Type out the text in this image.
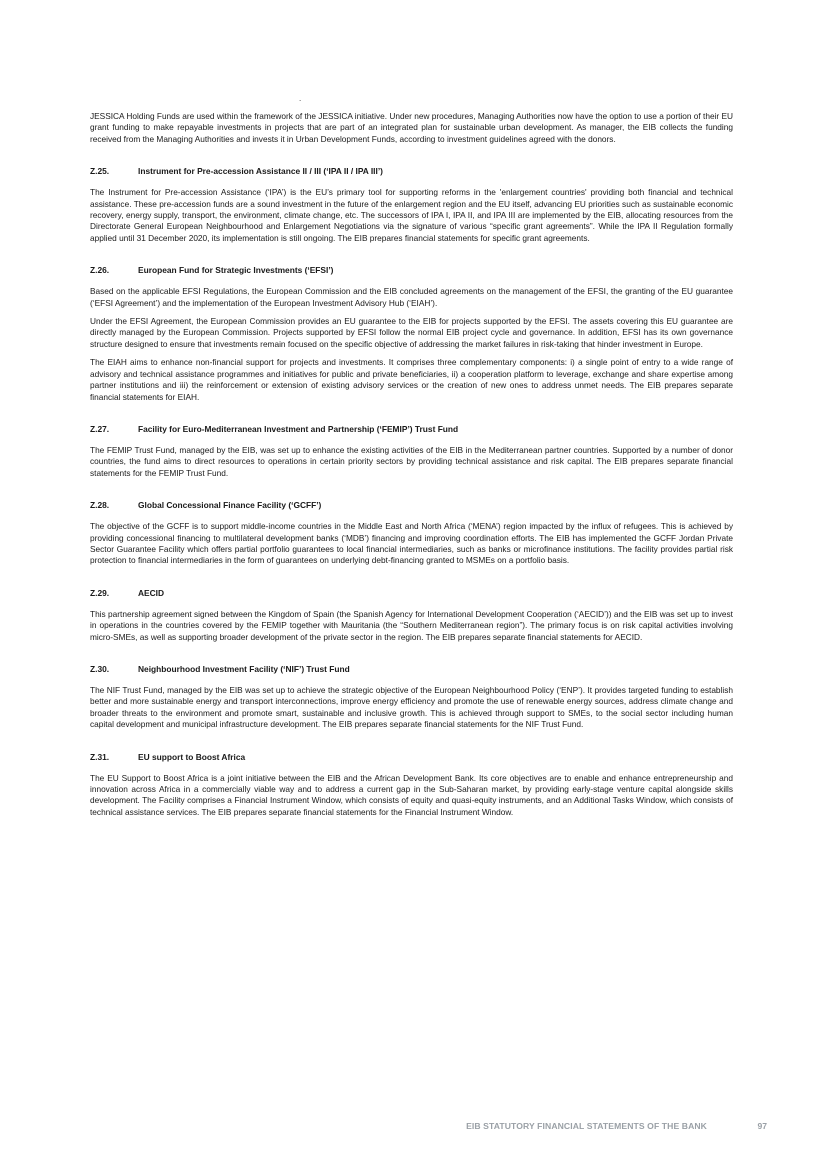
.

JESSICA Holding Funds are used within the framework of the JESSICA initiative. Under new procedures, Managing Authorities now have the option to use a portion of their EU grant funding to make repayable investments in projects that are part of an integrated plan for sustainable urban development. As manager, the EIB collects the funding received from the Managing Authorities and invests it in Urban Development Funds, according to investment guidelines agreed with the donors.

Z.25.	Instrument for Pre-accession Assistance II / III (‘IPA II / IPA III’)

The Instrument for Pre-accession Assistance (‘IPA’) is the EU’s primary tool for supporting reforms in the 'enlargement countries' providing both financial and technical assistance. These pre-accession funds are a sound investment in the future of the enlargement region and the EU itself, advancing EU priorities such as sustainable economic recovery, energy supply, transport, the environment, climate change, etc. The successors of IPA I, IPA II, and IPA III are implemented by the EIB, allocating resources from the Directorate General European Neighbourhood and Enlargement Negotiations via the signature of various “specific grant agreements”. While the IPA II Regulation formally applied until 31 December 2020, its implementation is still ongoing. The EIB prepares financial statements for specific grant agreements.

Z.26.	European Fund for Strategic Investments (‘EFSI’)

Based on the applicable EFSI Regulations, the European Commission and the EIB concluded agreements on the management of the EFSI, the granting of the EU guarantee (‘EFSI Agreement’) and the implementation of the European Investment Advisory Hub (‘EIAH’).

Under the EFSI Agreement, the European Commission provides an EU guarantee to the EIB for projects supported by the EFSI. The assets covering this EU guarantee are directly managed by the European Commission. Projects supported by EFSI follow the normal EIB project cycle and governance. In addition, EFSI has its own governance structure designed to ensure that investments remain focused on the specific objective of addressing the market failures in risk-taking that hinder investment in Europe.

The EIAH aims to enhance non-financial support for projects and investments. It comprises three complementary components: i) a single point of entry to a wide range of advisory and technical assistance programmes and initiatives for public and private beneficiaries, ii) a cooperation platform to leverage, exchange and share expertise among partner institutions and iii) the reinforcement or extension of existing advisory services or the creation of new ones to address unmet needs. The EIB prepares separate financial statements for EIAH.

Z.27.	Facility for Euro-Mediterranean Investment and Partnership (‘FEMIP’) Trust Fund

The FEMIP Trust Fund, managed by the EIB, was set up to enhance the existing activities of the EIB in the Mediterranean partner countries. Supported by a number of donor countries, the fund aims to direct resources to operations in certain priority sectors by providing technical assistance and risk capital. The EIB prepares separate financial statements for the FEMIP Trust Fund.

Z.28.	Global Concessional Finance Facility (‘GCFF’)

The objective of the GCFF is to support middle-income countries in the Middle East and North Africa (‘MENA’) region impacted by the influx of refugees. This is achieved by providing concessional financing to multilateral development banks (‘MDB’) financing and improving coordination efforts. The EIB has implemented the GCFF Jordan Private Sector Guarantee Facility which offers partial portfolio guarantees to local financial intermediaries, such as banks or microfinance institutions. The facility provides partial risk protection to financial intermediaries in the form of guarantees on underlying debt-financing granted to MSMEs on a portfolio basis.

Z.29.	AECID

This partnership agreement signed between the Kingdom of Spain (the Spanish Agency for International Development Cooperation (‘AECID’)) and the EIB was set up to invest in operations in the countries covered by the FEMIP together with Mauritania (the “Southern Mediterranean region”). The primary focus is on risk capital activities involving micro-SMEs, as well as supporting broader development of the private sector in the region. The EIB prepares separate financial statements for AECID.

Z.30.	Neighbourhood Investment Facility (‘NIF’) Trust Fund

The NIF Trust Fund, managed by the EIB was set up to achieve the strategic objective of the European Neighbourhood Policy (‘ENP’). It provides targeted funding to establish better and more sustainable energy and transport interconnections, improve energy efficiency and promote the use of renewable energy sources, address climate change and broader threats to the environment and promote smart, sustainable and inclusive growth. This is achieved through support to SMEs, to the social sector including human capital development and municipal infrastructure development. The EIB prepares separate financial statements for the NIF Trust Fund.

Z.31.	EU support to Boost Africa

The EU Support to Boost Africa is a joint initiative between the EIB and the African Development Bank. Its core objectives are to enable and enhance entrepreneurship and innovation across Africa in a commercially viable way and to address a current gap in the Sub-Saharan market, by providing early-stage venture capital alongside skills development. The Facility comprises a Financial Instrument Window, which consists of equity and quasi-equity instruments, and an Additional Tasks Window, which consists of technical assistance services. The EIB prepares separate financial statements for the Financial Instrument Window.

EIB STATUTORY FINANCIAL STATEMENTS OF THE BANK	97
